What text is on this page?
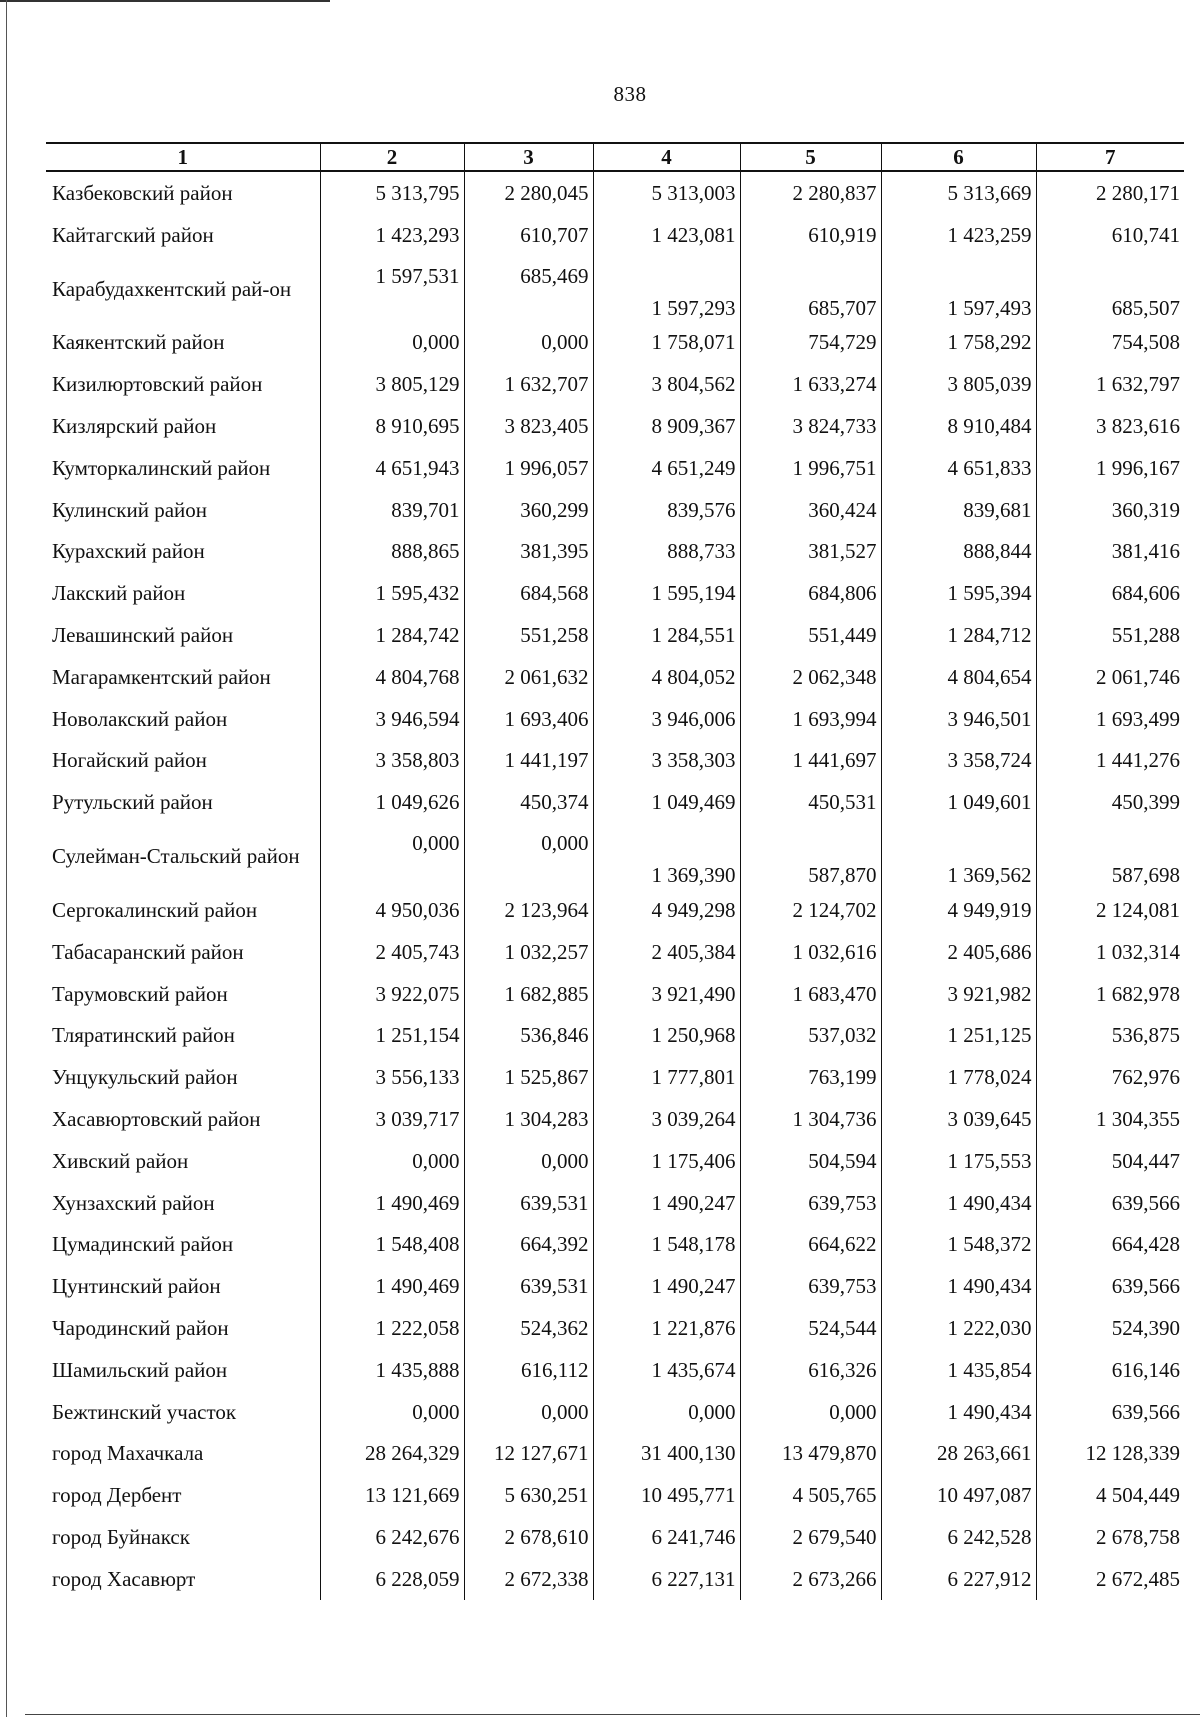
838
1	2	3	4	5	6	7
Казбековский район	5 313,795	2 280,045	5 313,003	2 280,837	5 313,669	2 280,171
Кайтагский район	1 423,293	610,707	1 423,081	610,919	1 423,259	610,741
Карабудахкентский рай-он	1 597,531	685,469	1 597,293	685,707	1 597,493	685,507
Каякентский район	0,000	0,000	1 758,071	754,729	1 758,292	754,508
Кизилюртовский район	3 805,129	1 632,707	3 804,562	1 633,274	3 805,039	1 632,797
Кизлярский район	8 910,695	3 823,405	8 909,367	3 824,733	8 910,484	3 823,616
Кумторкалинский район	4 651,943	1 996,057	4 651,249	1 996,751	4 651,833	1 996,167
Кулинский район	839,701	360,299	839,576	360,424	839,681	360,319
Курахский район	888,865	381,395	888,733	381,527	888,844	381,416
Лакский район	1 595,432	684,568	1 595,194	684,806	1 595,394	684,606
Левашинский район	1 284,742	551,258	1 284,551	551,449	1 284,712	551,288
Магарамкентский район	4 804,768	2 061,632	4 804,052	2 062,348	4 804,654	2 061,746
Новолакский район	3 946,594	1 693,406	3 946,006	1 693,994	3 946,501	1 693,499
Ногайский район	3 358,803	1 441,197	3 358,303	1 441,697	3 358,724	1 441,276
Рутульский район	1 049,626	450,374	1 049,469	450,531	1 049,601	450,399
Сулейман-Стальский район	0,000	0,000	1 369,390	587,870	1 369,562	587,698
Сергокалинский район	4 950,036	2 123,964	4 949,298	2 124,702	4 949,919	2 124,081
Табасаранский район	2 405,743	1 032,257	2 405,384	1 032,616	2 405,686	1 032,314
Тарумовский район	3 922,075	1 682,885	3 921,490	1 683,470	3 921,982	1 682,978
Тляратинский район	1 251,154	536,846	1 250,968	537,032	1 251,125	536,875
Унцукульский район	3 556,133	1 525,867	1 777,801	763,199	1 778,024	762,976
Хасавюртовский район	3 039,717	1 304,283	3 039,264	1 304,736	3 039,645	1 304,355
Хивский район	0,000	0,000	1 175,406	504,594	1 175,553	504,447
Хунзахский район	1 490,469	639,531	1 490,247	639,753	1 490,434	639,566
Цумадинский район	1 548,408	664,392	1 548,178	664,622	1 548,372	664,428
Цунтинский район	1 490,469	639,531	1 490,247	639,753	1 490,434	639,566
Чародинский район	1 222,058	524,362	1 221,876	524,544	1 222,030	524,390
Шамильский район	1 435,888	616,112	1 435,674	616,326	1 435,854	616,146
Бежтинский участок	0,000	0,000	0,000	0,000	1 490,434	639,566
город Махачкала	28 264,329	12 127,671	31 400,130	13 479,870	28 263,661	12 128,339
город Дербент	13 121,669	5 630,251	10 495,771	4 505,765	10 497,087	4 504,449
город Буйнакск	6 242,676	2 678,610	6 241,746	2 679,540	6 242,528	2 678,758
город Хасавюрт	6 228,059	2 672,338	6 227,131	2 673,266	6 227,912	2 672,485
